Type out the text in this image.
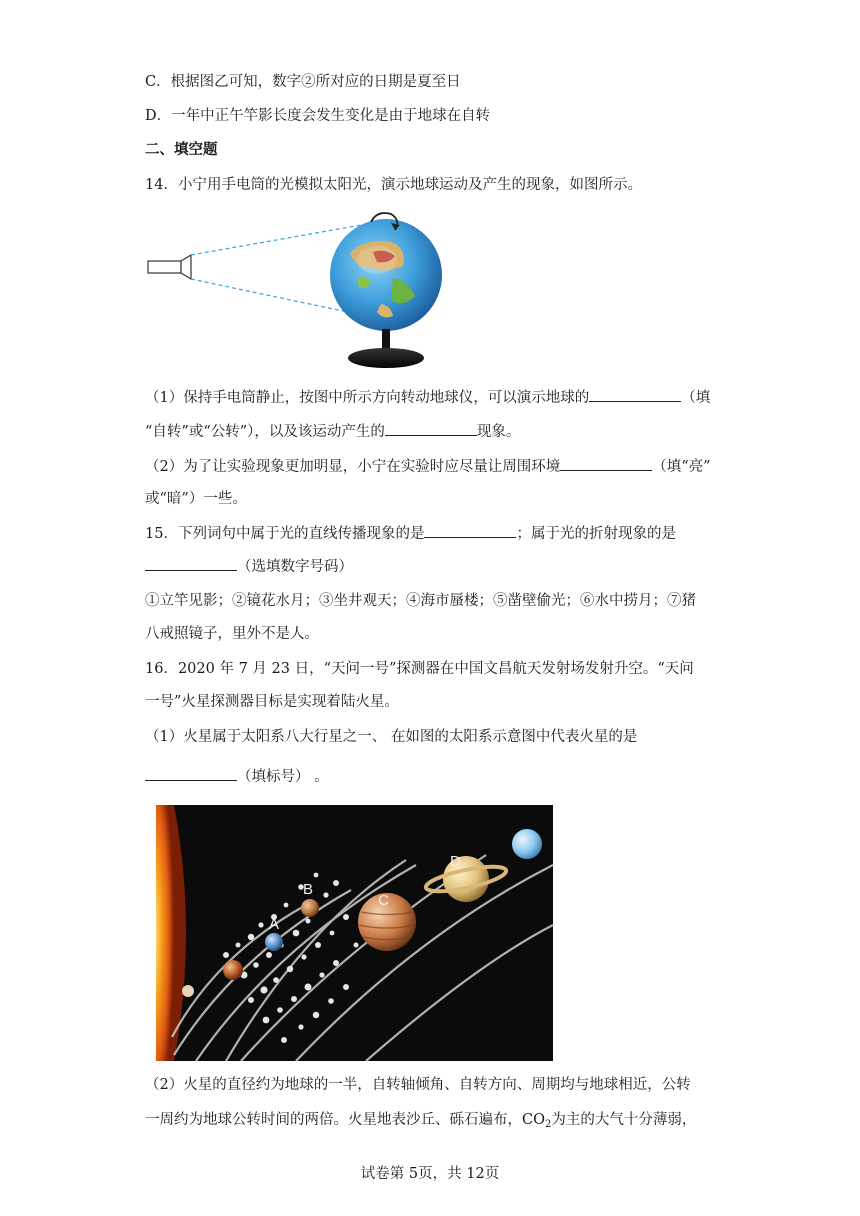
C．根据图乙可知，数字②所对应的日期是夏至日
D．一年中正午竿影长度会发生变化是由于地球在自转
二、填空题
14．小宁用手电筒的光模拟太阳光，演示地球运动及产生的现象，如图所示。
（1）保持手电筒静止，按图中所示方向转动地球仪，可以演示地球的	（填
“自转”或“公转”），以及该运动产生的	现象。
（2）为了让实验现象更加明显，小宁在实验时应尽量让周围环境	（填“亮”
或“暗”）一些。
15．下列词句中属于光的直线传播现象的是	；属于光的折射现象的是
（选填数字号码）
①立竿见影；②镜花水月；③坐井观天；④海市蜃楼；⑤凿壁偷光；⑥水中捞月；⑦猪
八戒照镜子，里外不是人。
16．2020 年 7 月 23 日，“天问一号”探测器在中国文昌航天发射场发射升空。“天问
一号”火星探测器目标是实现着陆火星。
（1）火星属于太阳系八大行星之一、 在如图的太阳系示意图中代表火星的是
（填标号） 。
A
B
C
D
（2）火星的直径约为地球的一半，自转轴倾角、自转方向、周期均与地球相近，公转
一周约为地球公转时间的两倍。火星地表沙丘、砾石遍布，$CO_2$为主的大气十分薄弱，
试卷第 5页，共 12页
